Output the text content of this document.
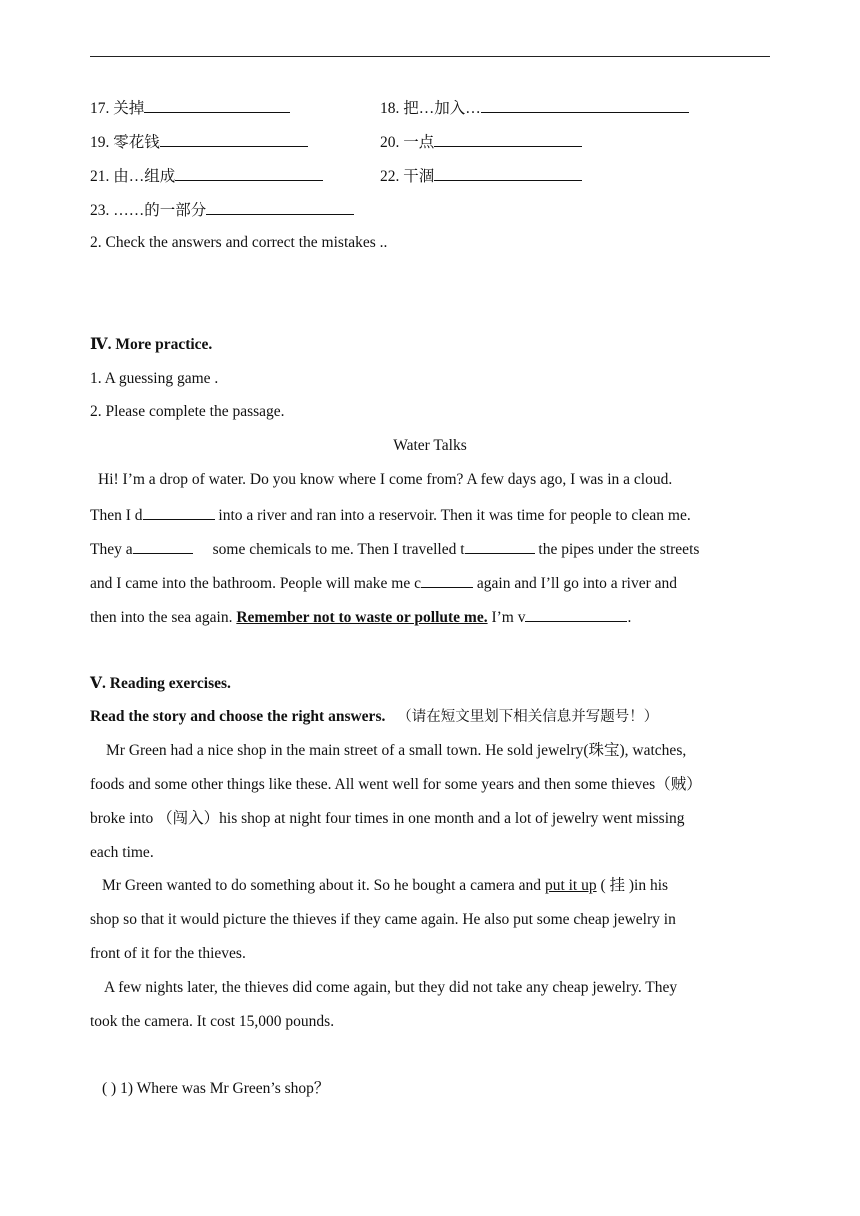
17. 关掉	18. 把…加入…
19. 零花钱	20. 一点
21. 由…组成	22. 干涸
23. ……的一部分
2. Check the answers and correct the mistakes ..
Ⅳ. More practice.
1. A guessing game .
2. Please complete the passage.
Water Talks
Hi! I’m a drop of water. Do you know where I come from? A few days ago, I was in a cloud.
Then I d	into a river and ran into a reservoir. Then it was time for people to clean me.
They a	some chemicals to me. Then I travelled t	the pipes under the streets
and I came into the bathroom. People will make me c	again and I’ll go into a river and
then into the sea again. Remember not to waste or pollute me. I’m v	.
Ⅴ. Reading exercises.
Read the story and choose the right answers. （请在短文里划下相关信息并写题号！）
Mr Green had a nice shop in the main street of a small town. He sold jewelry(珠宝), watches,
foods and some other things like these. All went well for some years and then some thieves（贼）
broke into （闯入）his shop at night four times in one month and a lot of jewelry went missing
each time.
Mr Green wanted to do something about it. So he bought a camera and put it up ( 挂 )in his
shop so that it would picture the thieves if they came again. He also put some cheap jewelry in
front of it for the thieves.
A few nights later, the thieves did come again, but they did not take any cheap jewelry. They
took the camera. It cost 15,000 pounds.
( ) 1) Where was Mr Green’s shop？
